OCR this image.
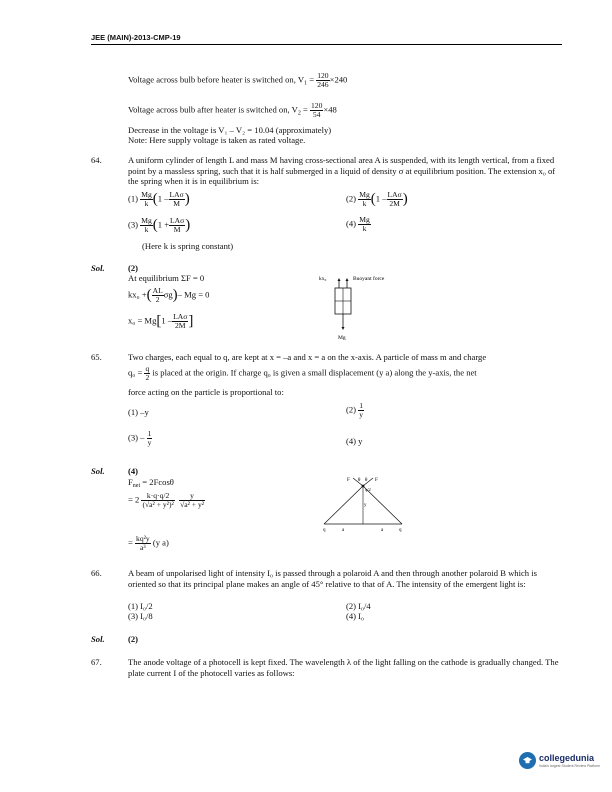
JEE (MAIN)-2013-CMP-19
Voltage across bulb before heater is switched on, $V_1 = \frac{120}{246} \times 240$
Voltage across bulb after heater is switched on, $V_2 = \frac{120}{54} \times 48$
Decrease in the voltage is V₁ – V₂ = 10.04 (approximately)
Note: Here supply voltage is taken as rated voltage.
64.	A uniform cylinder of length L and mass M having cross-sectional area A is suspended, with its length vertical, from a fixed point by a massless spring, such that it is half submerged in a liquid of density σ at equilibrium position. The extension x₀ of the spring when it is in equilibrium is:
$(1) \frac{Mg}{k} (1 - \frac{\text{LAσ}}{M}$ )	$(2) \frac{Mg}{k} (1 - \frac{\text{LAσ}}{2M}$ )
$(3) \frac{Mg}{k} (1 + \frac{\text{LAσ}}{M}$ )	$(4) \frac{Mg}{k}$
(Here k is spring constant)
Sol.	(2)
At equilibrium ΣF = 0
kx₀ +( $\frac{AL}{2} \sigma g)-$ Mg = 0
$x_0 = Mg[1 - \frac{\text{LAσ}}{2M}$ ]
kx₀	Buoyant force
Mg
65.	Two charges, each equal to q, are kept at x = –a and x = a on the x-axis. A particle of mass m and charge
$q_0 = \frac{q}{2}$ is placed at the origin. If charge q₀ is given a small displacement (y a) along the y-axis, the net
force acting on the particle is proportional to:
(1) –y	$(2) \frac{1}{y}$
$(3) - \frac{1}{y}$	(4) y
Sol.	(4)
$F_{net} = 2Fcos\theta$
= $2 \frac{k\cdot q\cdot q/2}{\text{(√a² + y²)²}}$
$\frac{y}{\text{√a² + y²}}$
= $\frac{\text{kq²y}}{\text{a³}} (y$ a)
F	F
θ θ
q/2
y
q	a	a	q
66.	A beam of unpolarised light of intensity I₀ is passed through a polaroid A and then through another polaroid B which is oriented so that its principal plane makes an angle of 45° relative to that of A. The intensity of the emergent light is:
(1) I₀/2	(2) I₀/4
(3) I₀/8	(4) I₀
Sol.	(2)
67.	The anode voltage of a photocell is kept fixed. The wavelength λ of the light falling on the cathode is gradually changed. The plate current I of the photocell varies as follows:
collegedunia
India's largest Student Review Platform
